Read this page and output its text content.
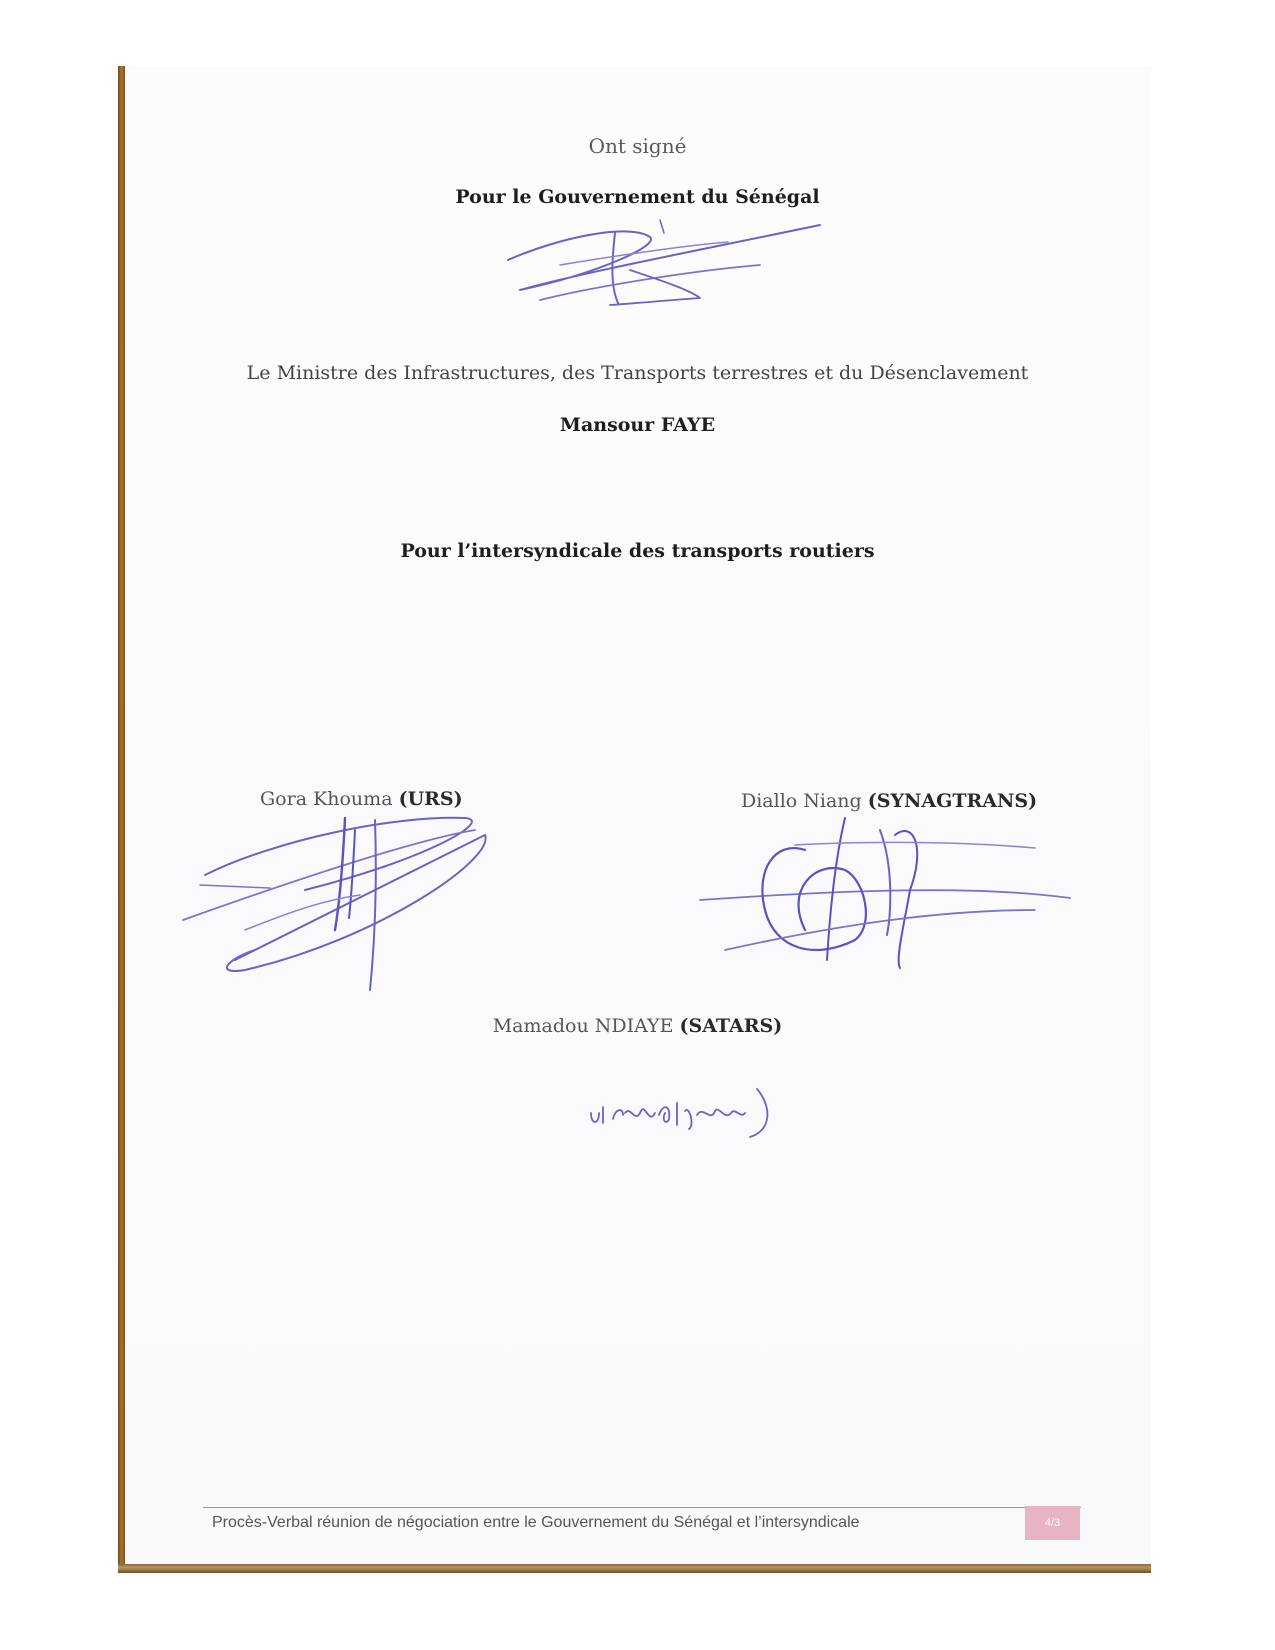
Ont signé
Pour le Gouvernement du Sénégal
Le Ministre des Infrastructures, des Transports terrestres et du Désenclavement
Mansour FAYE
Pour l’intersyndicale des transports routiers
Gora Khouma (URS)	Diallo Niang (SYNAGTRANS)
Mamadou NDIAYE (SATARS)
Procès-Verbal réunion de négociation entre le Gouvernement du Sénégal et l’intersyndicale	4/3
